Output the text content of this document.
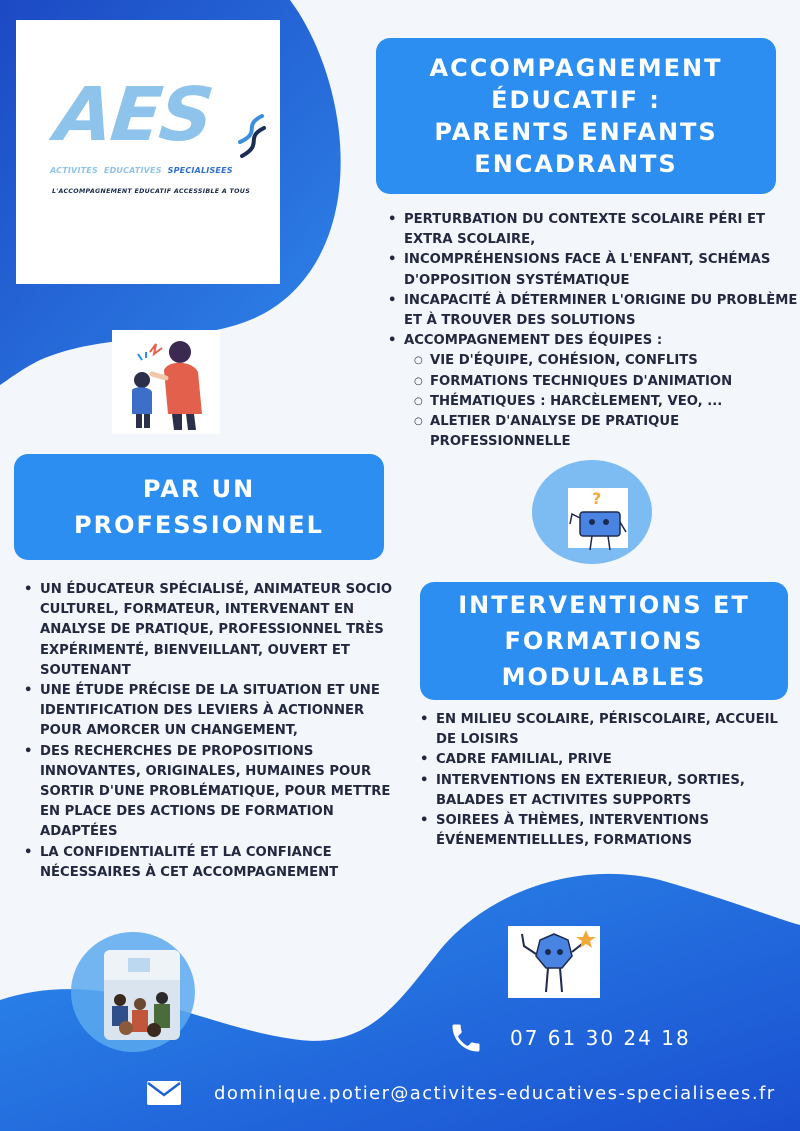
AES
ACTIVITES EDUCATIVES SPECIALISEES
L'ACCOMPAGNEMENT EDUCATIF ACCESSIBLE A TOUS
ACCOMPAGNEMENT
ÉDUCATIF :
PARENTS ENFANTS
ENCADRANTS
• PERTURBATION DU CONTEXTE SCOLAIRE PÉRI ET EXTRA SCOLAIRE,
• INCOMPRÉHENSIONS FACE À L'ENFANT, SCHÉMAS D'OPPOSITION SYSTÉMATIQUE
• INCAPACITÉ À DÉTERMINER L'ORIGINE DU PROBLÈME ET À TROUVER DES SOLUTIONS
• ACCOMPAGNEMENT DES ÉQUIPES :
○ VIE D'ÉQUIPE, COHÉSION, CONFLITS
○ FORMATIONS TECHNIQUES D'ANIMATION
○ THÉMATIQUES : HARCÈLEMENT, VEO, ...
○ ALETIER D'ANALYSE DE PRATIQUE PROFESSIONNELLE
PAR UN
PROFESSIONNEL
• UN ÉDUCATEUR SPÉCIALISÉ, ANIMATEUR SOCIO CULTUREL, FORMATEUR, INTERVENANT EN ANALYSE DE PRATIQUE, PROFESSIONNEL TRÈS EXPÉRIMENTÉ, BIENVEILLANT, OUVERT ET SOUTENANT
• UNE ÉTUDE PRÉCISE DE LA SITUATION ET UNE IDENTIFICATION DES LEVIERS À ACTIONNER POUR AMORCER UN CHANGEMENT,
• DES RECHERCHES DE PROPOSITIONS INNOVANTES, ORIGINALES, HUMAINES POUR SORTIR D'UNE PROBLÉMATIQUE, POUR METTRE EN PLACE DES ACTIONS DE FORMATION ADAPTÉES
• LA CONFIDENTIALITÉ ET LA CONFIANCE NÉCESSAIRES À CET ACCOMPAGNEMENT
?
INTERVENTIONS ET
FORMATIONS
MODULABLES
• EN MILIEU SCOLAIRE, PÉRISCOLAIRE, ACCUEIL DE LOISIRS
• CADRE FAMILIAL, PRIVE
• INTERVENTIONS EN EXTERIEUR, SORTIES, BALADES ET ACTIVITES SUPPORTS
• SOIREES À THÈMES, INTERVENTIONS ÉVÉNEMENTIELLLES, FORMATIONS
07 61 30 24 18
dominique.potier@activites-educatives-specialisees.fr
